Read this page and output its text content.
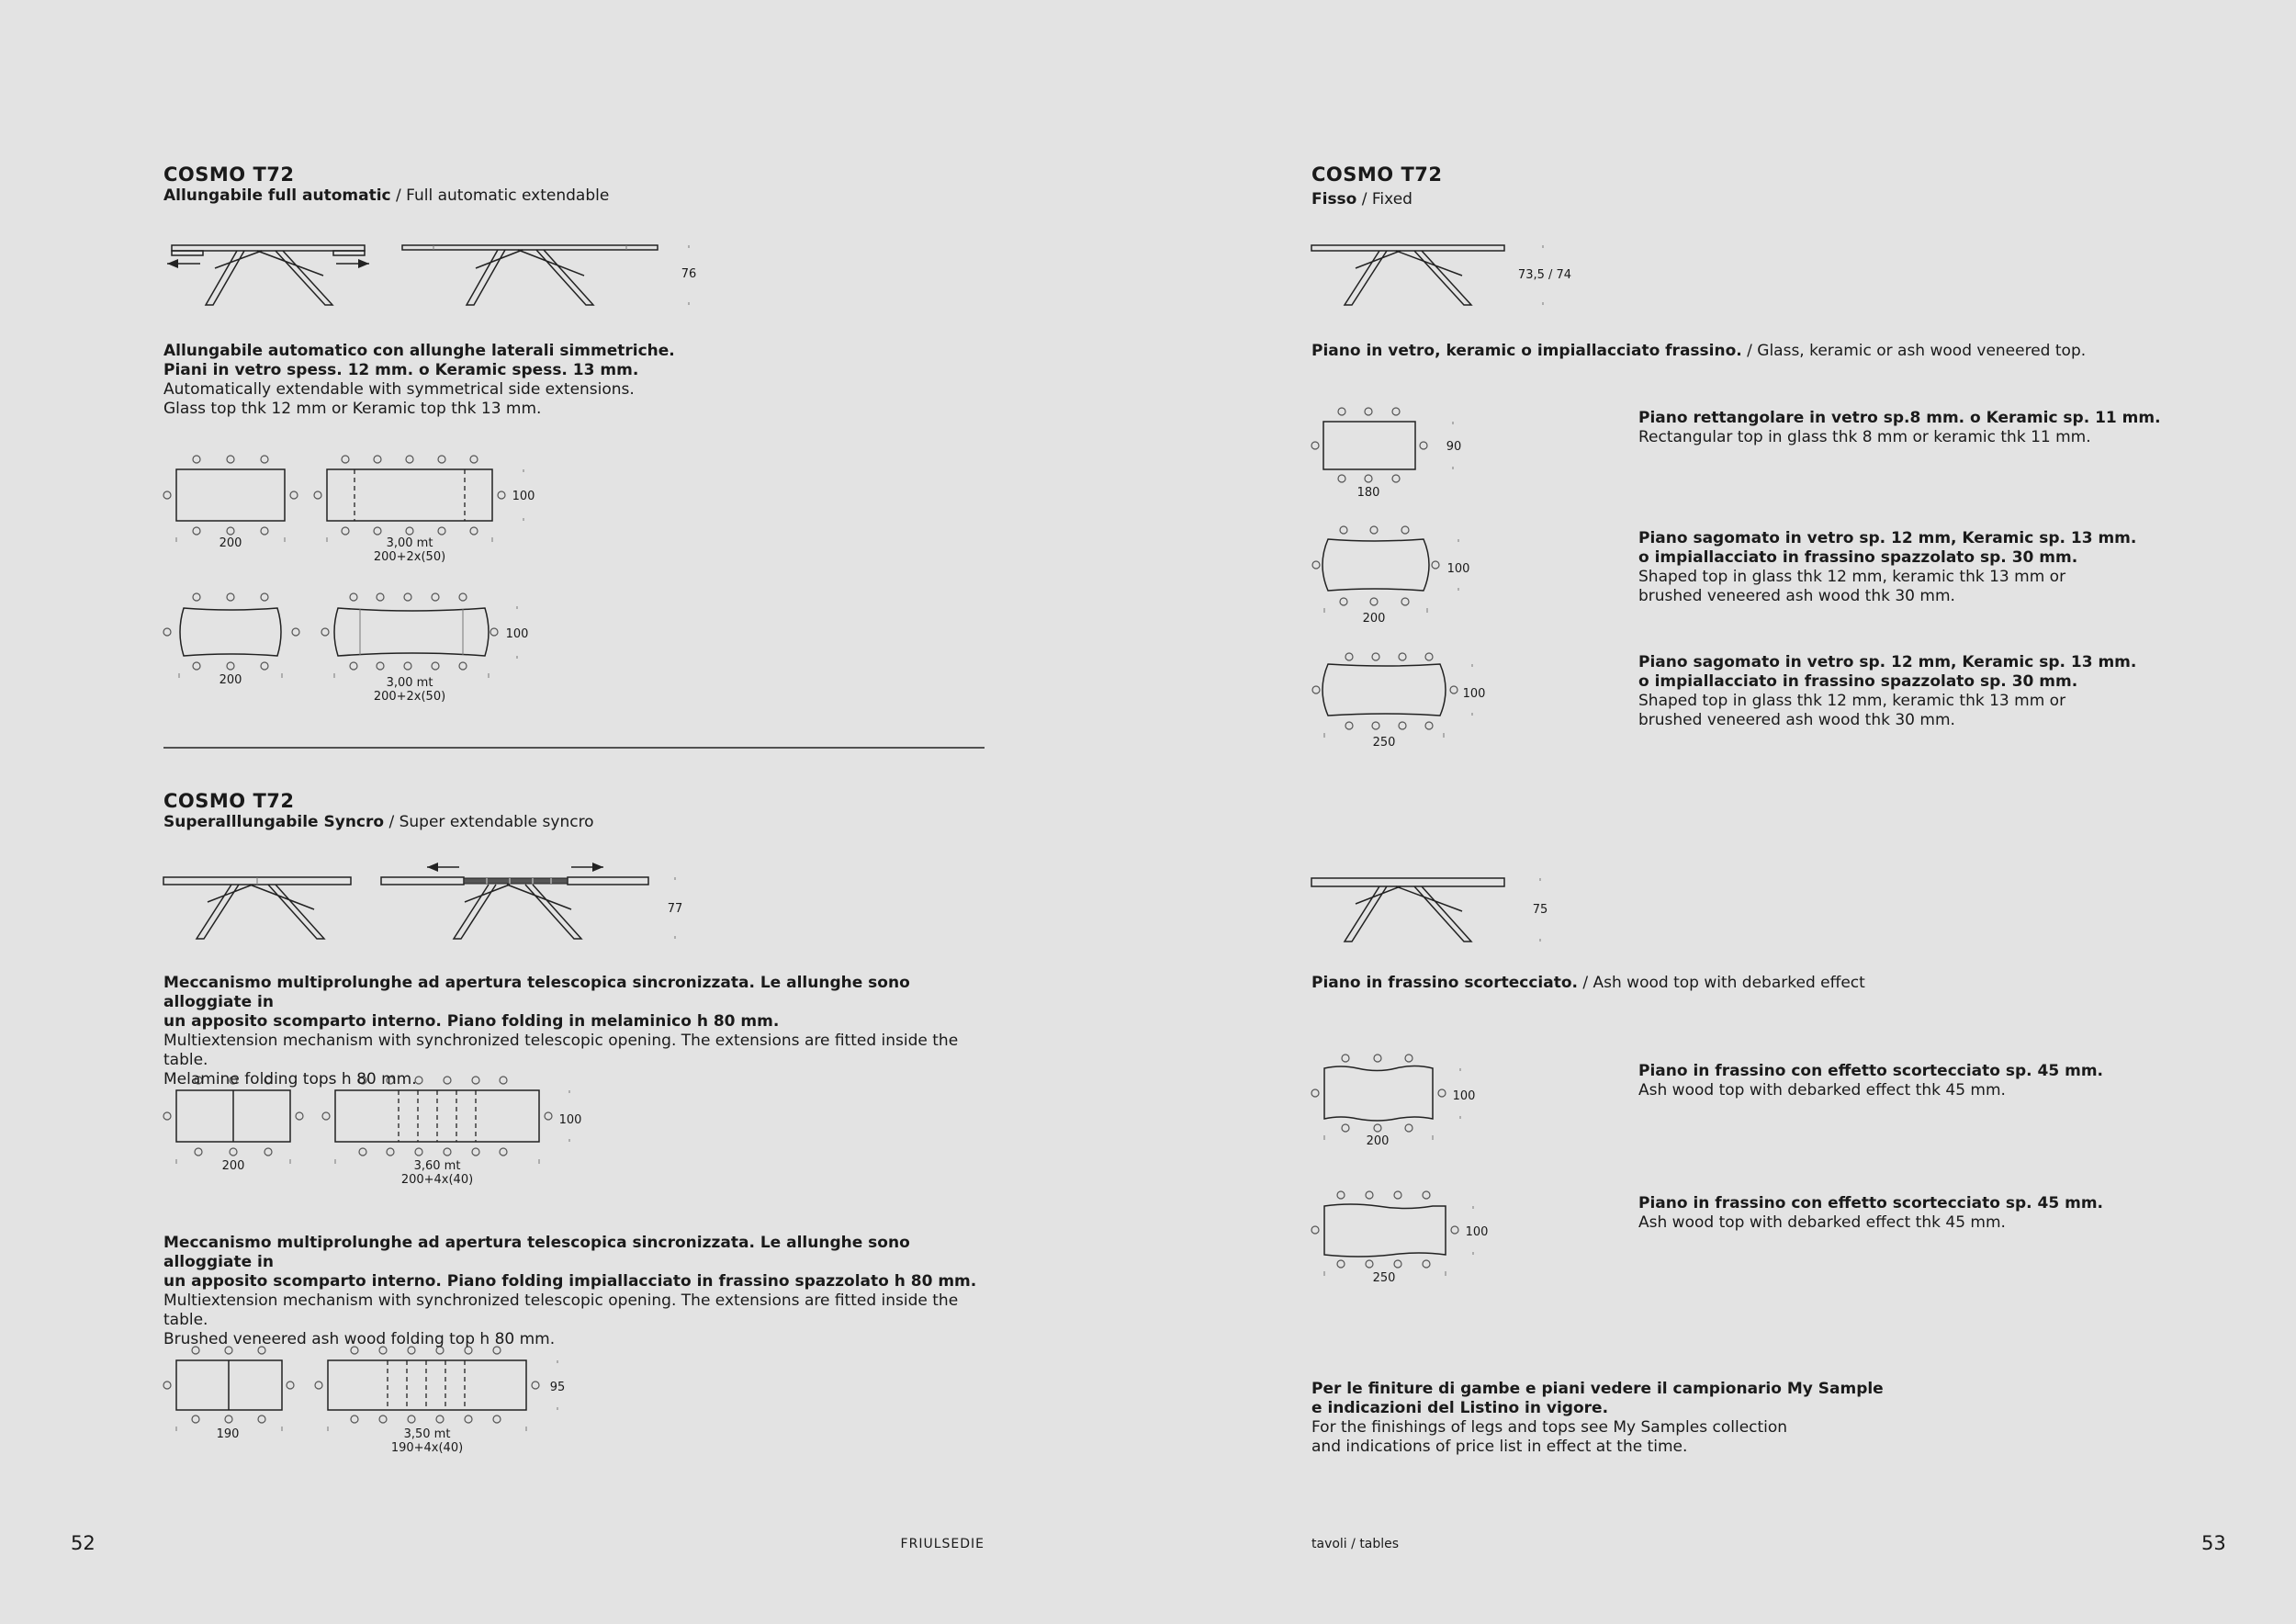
COSMO T72
Allungabile full automatic / Full automatic extendable
76
Allungabile automatico con allunghe laterali simmetriche.
Piani in vetro spess. 12 mm. o Keramic spess. 13 mm.
Automatically extendable with symmetrical side extensions.
Glass top thk 12 mm or Keramic top thk 13 mm.
200	3,00 mt
200+2x(50)
100
200	3,00 mt
200+2x(50)
100
COSMO T72
Superalllungabile Syncro / Super extendable syncro
77
Meccanismo multiprolunghe ad apertura telescopica sincronizzata. Le allunghe sono alloggiate in
un apposito scomparto interno. Piano folding in melaminico h 80 mm.
Multiextension mechanism with synchronized telescopic opening. The extensions are fitted inside the table.
Melamine folding tops h 80 mm.
200	3,60 mt
200+4x(40)
100
Meccanismo multiprolunghe ad apertura telescopica sincronizzata. Le allunghe sono alloggiate in
un apposito scomparto interno. Piano folding impiallacciato in frassino spazzolato h 80 mm.
Multiextension mechanism with synchronized telescopic opening. The extensions are fitted inside the table.
Brushed veneered ash wood folding top h 80 mm.
190	3,50 mt
190+4x(40)
95
52	FRIULSEDIE
COSMO T72
Fisso / Fixed
73,5 / 74
Piano in vetro, keramic o impiallacciato frassino. / Glass, keramic or ash wood veneered top.
180
90
Piano rettangolare in vetro sp.8 mm. o Keramic sp. 11 mm.
Rectangular top in glass thk 8 mm or keramic thk 11 mm.
200
100
Piano sagomato in vetro sp. 12 mm, Keramic sp. 13 mm.
o impiallacciato in frassino spazzolato sp. 30 mm.
Shaped top in glass thk 12 mm, keramic thk 13 mm or
brushed veneered ash wood thk 30 mm.
250
100
Piano sagomato in vetro sp. 12 mm, Keramic sp. 13 mm.
o impiallacciato in frassino spazzolato sp. 30 mm.
Shaped top in glass thk 12 mm, keramic thk 13 mm or
brushed veneered ash wood thk 30 mm.
75
Piano in frassino scortecciato. / Ash wood top with debarked effect
200
100
Piano in frassino con effetto scortecciato sp. 45 mm.
Ash wood top with debarked effect thk 45 mm.
250
100
Piano in frassino con effetto scortecciato sp. 45 mm.
Ash wood top with debarked effect thk 45 mm.
Per le finiture di gambe e piani vedere il campionario My Sample
e indicazioni del Listino in vigore.
For the finishings of legs and tops see My Samples collection
and indications of price list in effect at the time.
tavoli / tables	53
